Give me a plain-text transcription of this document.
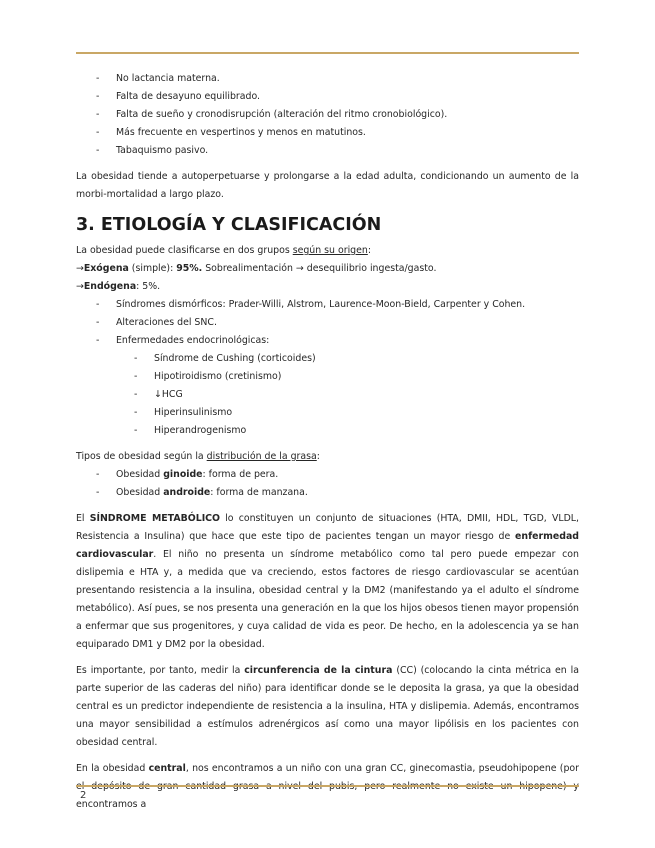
-	No lactancia materna.
-	Falta de desayuno equilibrado.
-	Falta de sueño y cronodisrupción (alteración del ritmo cronobiológico).
-	Más frecuente en vespertinos y menos en matutinos.
-	Tabaquismo pasivo.

La obesidad tiende a autoperpetuarse y prolongarse a la edad adulta, condicionando un aumento de la morbi-mortalidad a largo plazo.

3. ETIOLOGÍA Y CLASIFICACIÓN
La obesidad puede clasificarse en dos grupos según su origen:
→Exógena (simple): 95%. Sobrealimentación → desequilibrio ingesta/gasto.
→Endógena: 5%.
-	Síndromes dismórficos: Prader-Willi, Alstrom, Laurence-Moon-Bield, Carpenter y Cohen.
-	Alteraciones del SNC.
-	Enfermedades endocrinológicas:
-	Síndrome de Cushing (corticoides)
-	Hipotiroidismo (cretinismo)
-	↓HCG
-	Hiperinsulinismo
-	Hiperandrogenismo
Tipos de obesidad según la distribución de la grasa:
-	Obesidad ginoide: forma de pera.
-	Obesidad androide: forma de manzana.

El SÍNDROME METABÓLICO lo constituyen un conjunto de situaciones (HTA, DMII, HDL, TGD, VLDL, Resistencia a Insulina) que hace que este tipo de pacientes tengan un mayor riesgo de enfermedad cardiovascular. El niño no presenta un síndrome metabólico como tal pero puede empezar con dislipemia e HTA y, a medida que va creciendo, estos factores de riesgo cardiovascular se acentúan presentando resistencia a la insulina, obesidad central y la DM2 (manifestando ya el adulto el síndrome metabólico). Así pues, se nos presenta una generación en la que los hijos obesos tienen mayor propensión a enfermar que sus progenitores, y cuya calidad de vida es peor. De hecho, en la adolescencia ya se han equiparado DM1 y DM2 por la obesidad.

Es importante, por tanto, medir la circunferencia de la cintura (CC) (colocando la cinta métrica en la parte superior de las caderas del niño) para identificar donde se le deposita la grasa, ya que la obesidad central es un predictor independiente de resistencia a la insulina, HTA y dislipemia. Además, encontramos una mayor sensibilidad a estímulos adrenérgicos así como una mayor lipólisis en los pacientes con obesidad central.

En la obesidad central, nos encontramos a un niño con una gran CC, ginecomastia, pseudohipopene (por encontramos a

2
